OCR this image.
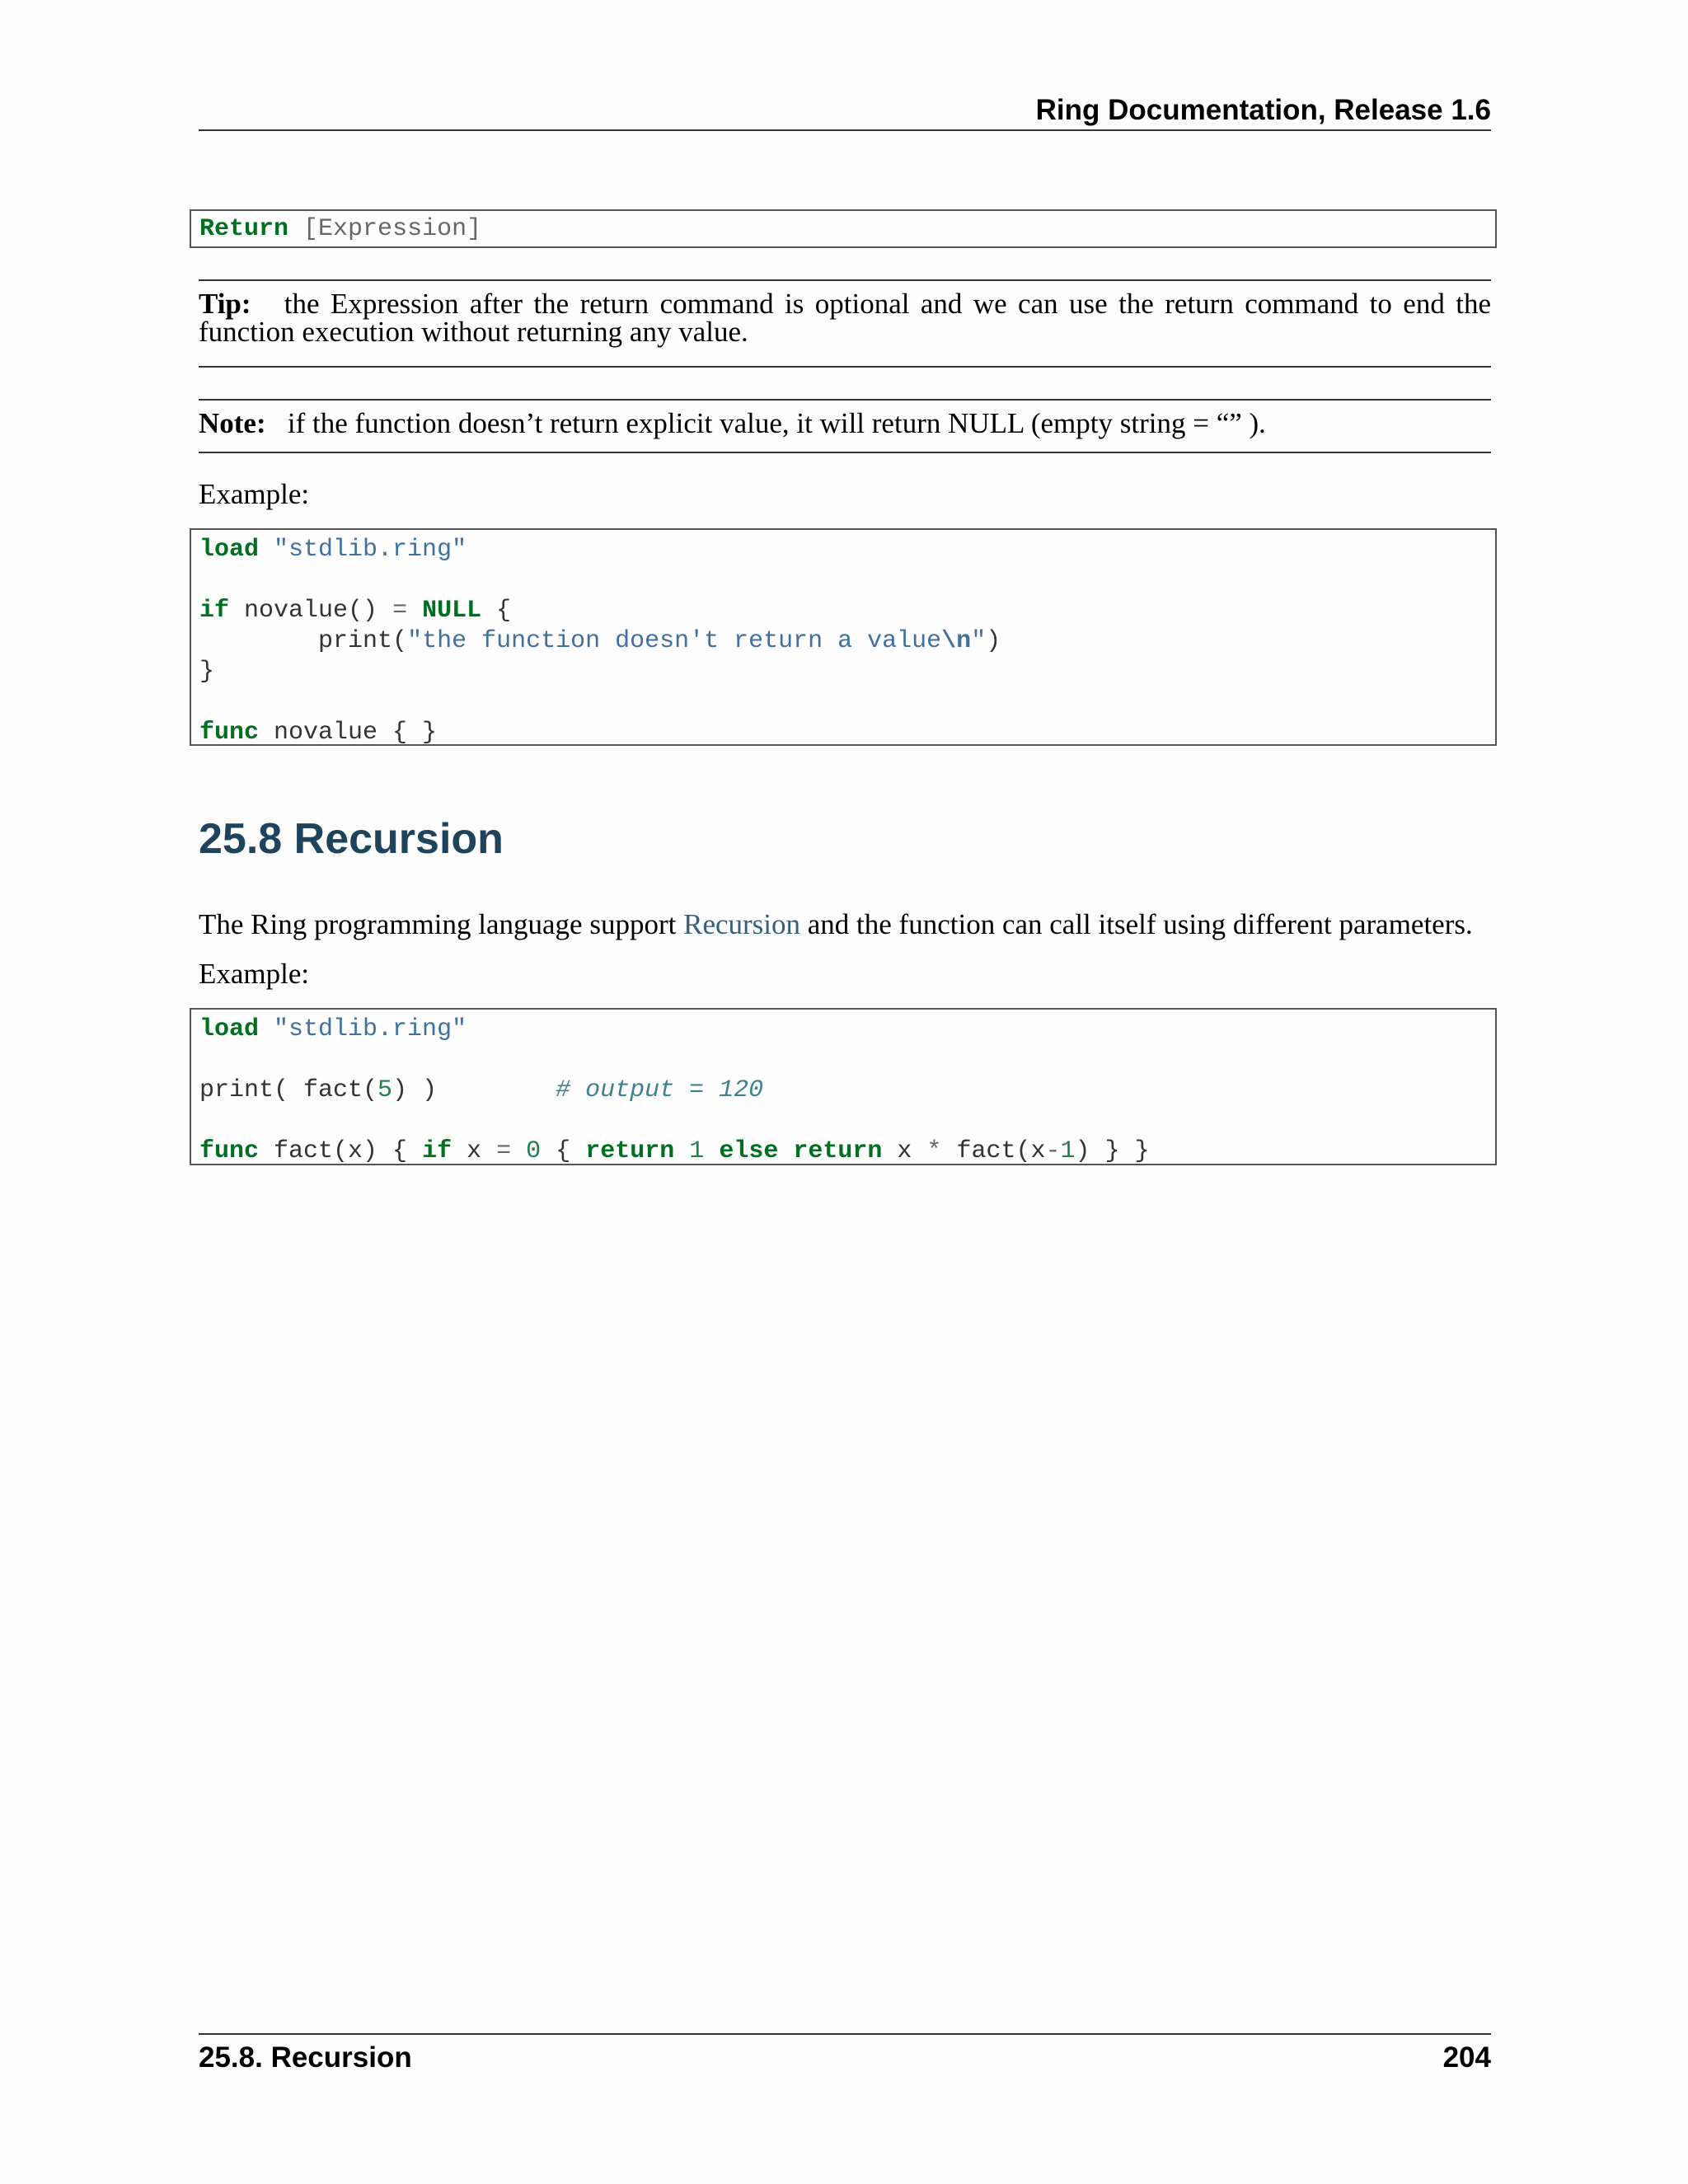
Ring Documentation, Release 1.6
Return [Expression]
Tip: the Expression after the return command is optional and we can use the return command to end the function execution without returning any value.
Note: if the function doesn’t return explicit value, it will return NULL (empty string = “” ).
Example:
load "stdlib.ring"

if novalue() = NULL {
print("the function doesn't return a value\n")
}

func novalue { }
25.8 Recursion
The Ring programming language support Recursion and the function can call itself using different parameters.
Example:
load "stdlib.ring"

print( fact(5) )	# output = 120

func fact(x) { if x = 0 { return 1 else return x * fact(x-1) } }
25.8. Recursion	204
